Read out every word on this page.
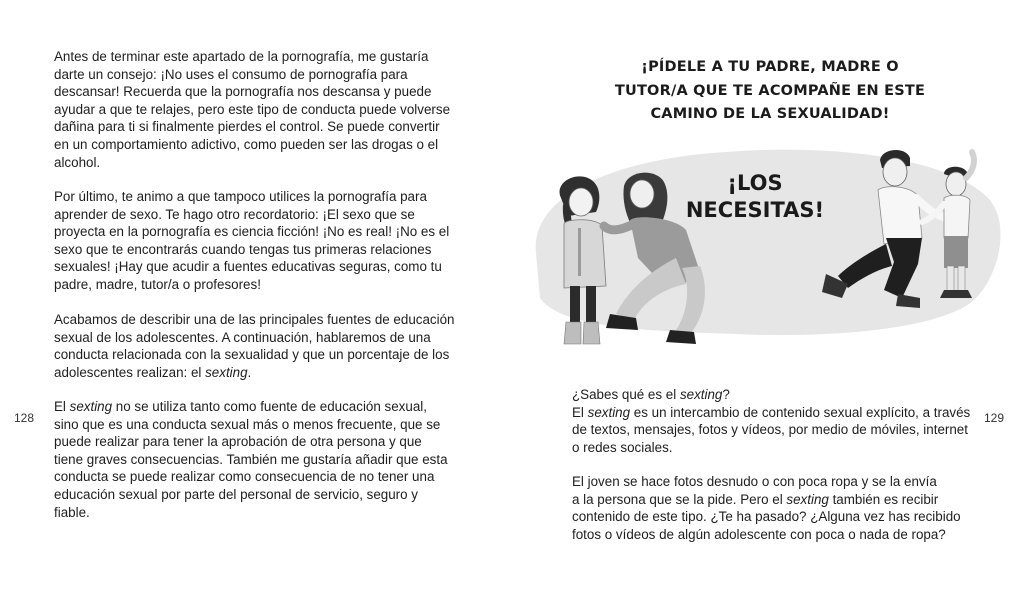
Antes de terminar este apartado de la pornografía, me gustaría
darte un consejo: ¡No uses el consumo de pornografía para
descansar! Recuerda que la pornografía nos descansa y puede
ayudar a que te relajes, pero este tipo de conducta puede volverse
dañina para ti si finalmente pierdes el control. Se puede convertir
en un comportamiento adictivo, como pueden ser las drogas o el
alcohol.
Por último, te animo a que tampoco utilices la pornografía para
aprender de sexo. Te hago otro recordatorio: ¡El sexo que se
proyecta en la pornografía es ciencia ficción! ¡No es real! ¡No es el
sexo que te encontrarás cuando tengas tus primeras relaciones
sexuales! ¡Hay que acudir a fuentes educativas seguras, como tu
padre, madre, tutor/a o profesores!
Acabamos de describir una de las principales fuentes de educación
sexual de los adolescentes. A continuación, hablaremos de una
conducta relacionada con la sexualidad y que un porcentaje de los
adolescentes realizan: el sexting.
El sexting no se utiliza tanto como fuente de educación sexual,
sino que es una conducta sexual más o menos frecuente, que se
puede realizar para tener la aprobación de otra persona y que
tiene graves consecuencias. También me gustaría añadir que esta
conducta se puede realizar como consecuencia de no tener una
educación sexual por parte del personal de servicio, seguro y
fiable.
128
¡PÍDELE A TU PADRE, MADRE O
TUTOR/A QUE TE ACOMPAÑE EN ESTE
CAMINO DE LA SEXUALIDAD!
¡LOS
NECESITAS!
¿Sabes qué es el sexting?
El sexting es un intercambio de contenido sexual explícito, a través
de textos, mensajes, fotos y vídeos, por medio de móviles, internet
o redes sociales.
El joven se hace fotos desnudo o con poca ropa y se la envía
a la persona que se la pide. Pero el sexting también es recibir
contenido de este tipo. ¿Te ha pasado? ¿Alguna vez has recibido
fotos o vídeos de algún adolescente con poca o nada de ropa?
129
